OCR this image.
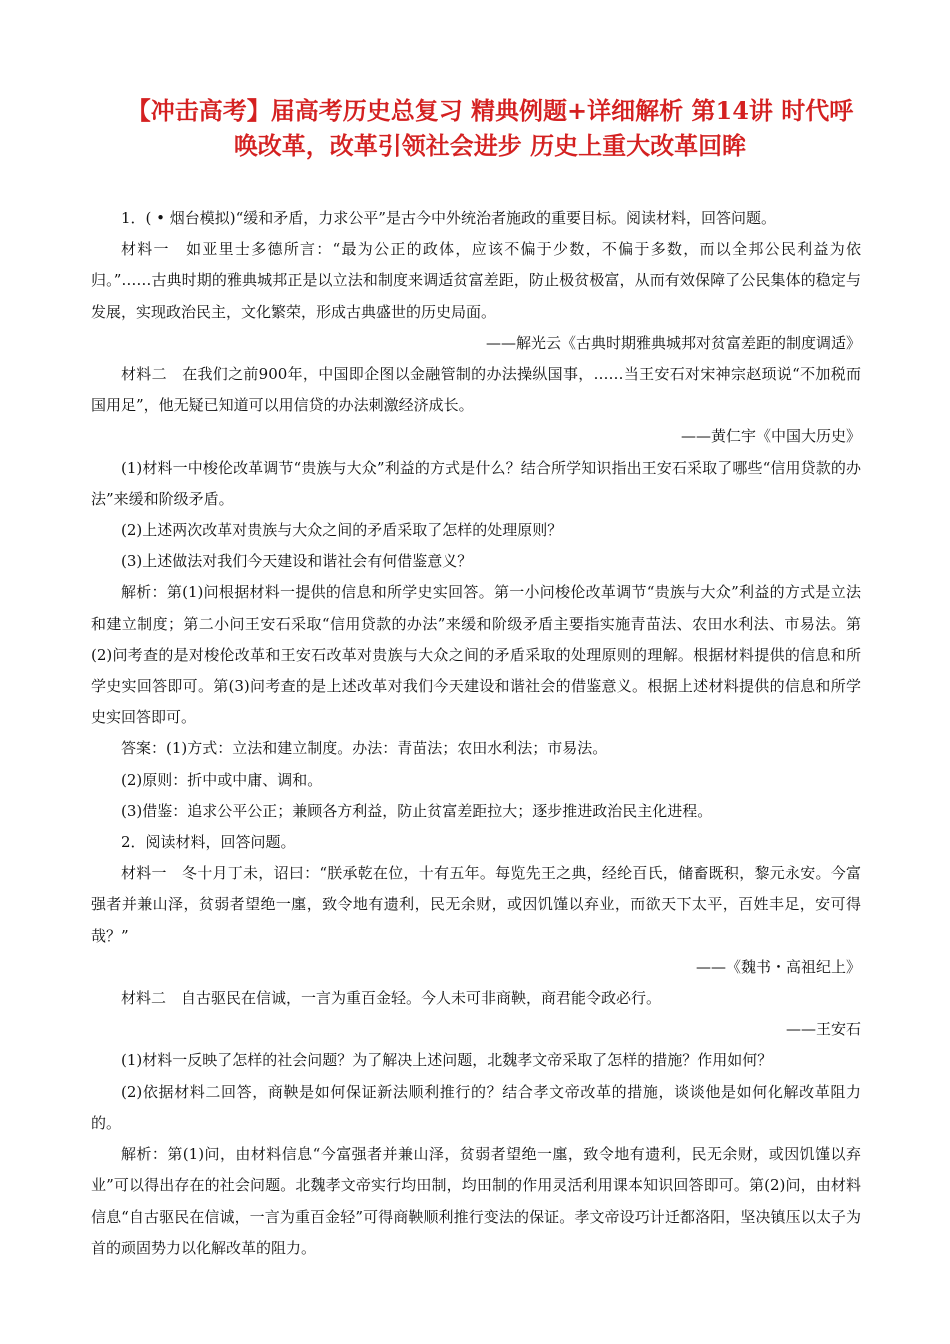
【冲击高考】届高考历史总复习 精典例题+详细解析 第14讲 时代呼唤改革，改革引领社会进步 历史上重大改革回眸

1．( • 烟台模拟)“缓和矛盾，力求公平”是古今中外统治者施政的重要目标。阅读材料，回答问题。

材料一　如亚里士多德所言：“最为公正的政体，应该不偏于少数，不偏于多数，而以全邦公民利益为依归。”……古典时期的雅典城邦正是以立法和制度来调适贫富差距，防止极贫极富，从而有效保障了公民集体的稳定与发展，实现政治民主，文化繁荣，形成古典盛世的历史局面。

——解光云《古典时期雅典城邦对贫富差距的制度调适》

材料二　在我们之前900年，中国即企图以金融管制的办法操纵国事，……当王安石对宋神宗赵顼说“不加税而国用足”，他无疑已知道可以用信贷的办法刺激经济成长。

——黄仁宇《中国大历史》

(1)材料一中梭伦改革调节“贵族与大众”利益的方式是什么？结合所学知识指出王安石采取了哪些“信用贷款的办法”来缓和阶级矛盾。

(2)上述两次改革对贵族与大众之间的矛盾采取了怎样的处理原则？

(3)上述做法对我们今天建设和谐社会有何借鉴意义？

解析：第(1)问根据材料一提供的信息和所学史实回答。第一小问梭伦改革调节“贵族与大众”利益的方式是立法和建立制度；第二小问王安石采取“信用贷款的办法”来缓和阶级矛盾主要指实施青苗法、农田水利法、市易法。第(2)问考查的是对梭伦改革和王安石改革对贵族与大众之间的矛盾采取的处理原则的理解。根据材料提供的信息和所学史实回答即可。第(3)问考查的是上述改革对我们今天建设和谐社会的借鉴意义。根据上述材料提供的信息和所学史实回答即可。

答案：(1)方式：立法和建立制度。办法：青苗法；农田水利法；市易法。

(2)原则：折中或中庸、调和。

(3)借鉴：追求公平公正；兼顾各方利益，防止贫富差距拉大；逐步推进政治民主化进程。

2．阅读材料，回答问题。

材料一　冬十月丁未，诏曰：“朕承乾在位，十有五年。每览先王之典，经纶百氏，储畜既积，黎元永安。今富强者并兼山泽，贫弱者望绝一廛，致令地有遗利，民无余财，或因饥馑以弃业，而欲天下太平，百姓丰足，安可得哉？”

——《魏书・高祖纪上》

材料二　自古驱民在信诚，一言为重百金轻。今人未可非商鞅，商君能令政必行。

——王安石

(1)材料一反映了怎样的社会问题？为了解决上述问题，北魏孝文帝采取了怎样的措施？作用如何？

(2)依据材料二回答，商鞅是如何保证新法顺利推行的？结合孝文帝改革的措施，谈谈他是如何化解改革阻力的。

解析：第(1)问，由材料信息“今富强者并兼山泽，贫弱者望绝一廛，致令地有遗利，民无余财，或因饥馑以弃业”可以得出存在的社会问题。北魏孝文帝实行均田制，均田制的作用灵活利用课本知识回答即可。第(2)问，由材料信息“自古驱民在信诚，一言为重百金轻”可得商鞅顺利推行变法的保证。孝文帝设巧计迁都洛阳，坚决镇压以太子为首的顽固势力以化解改革的阻力。
